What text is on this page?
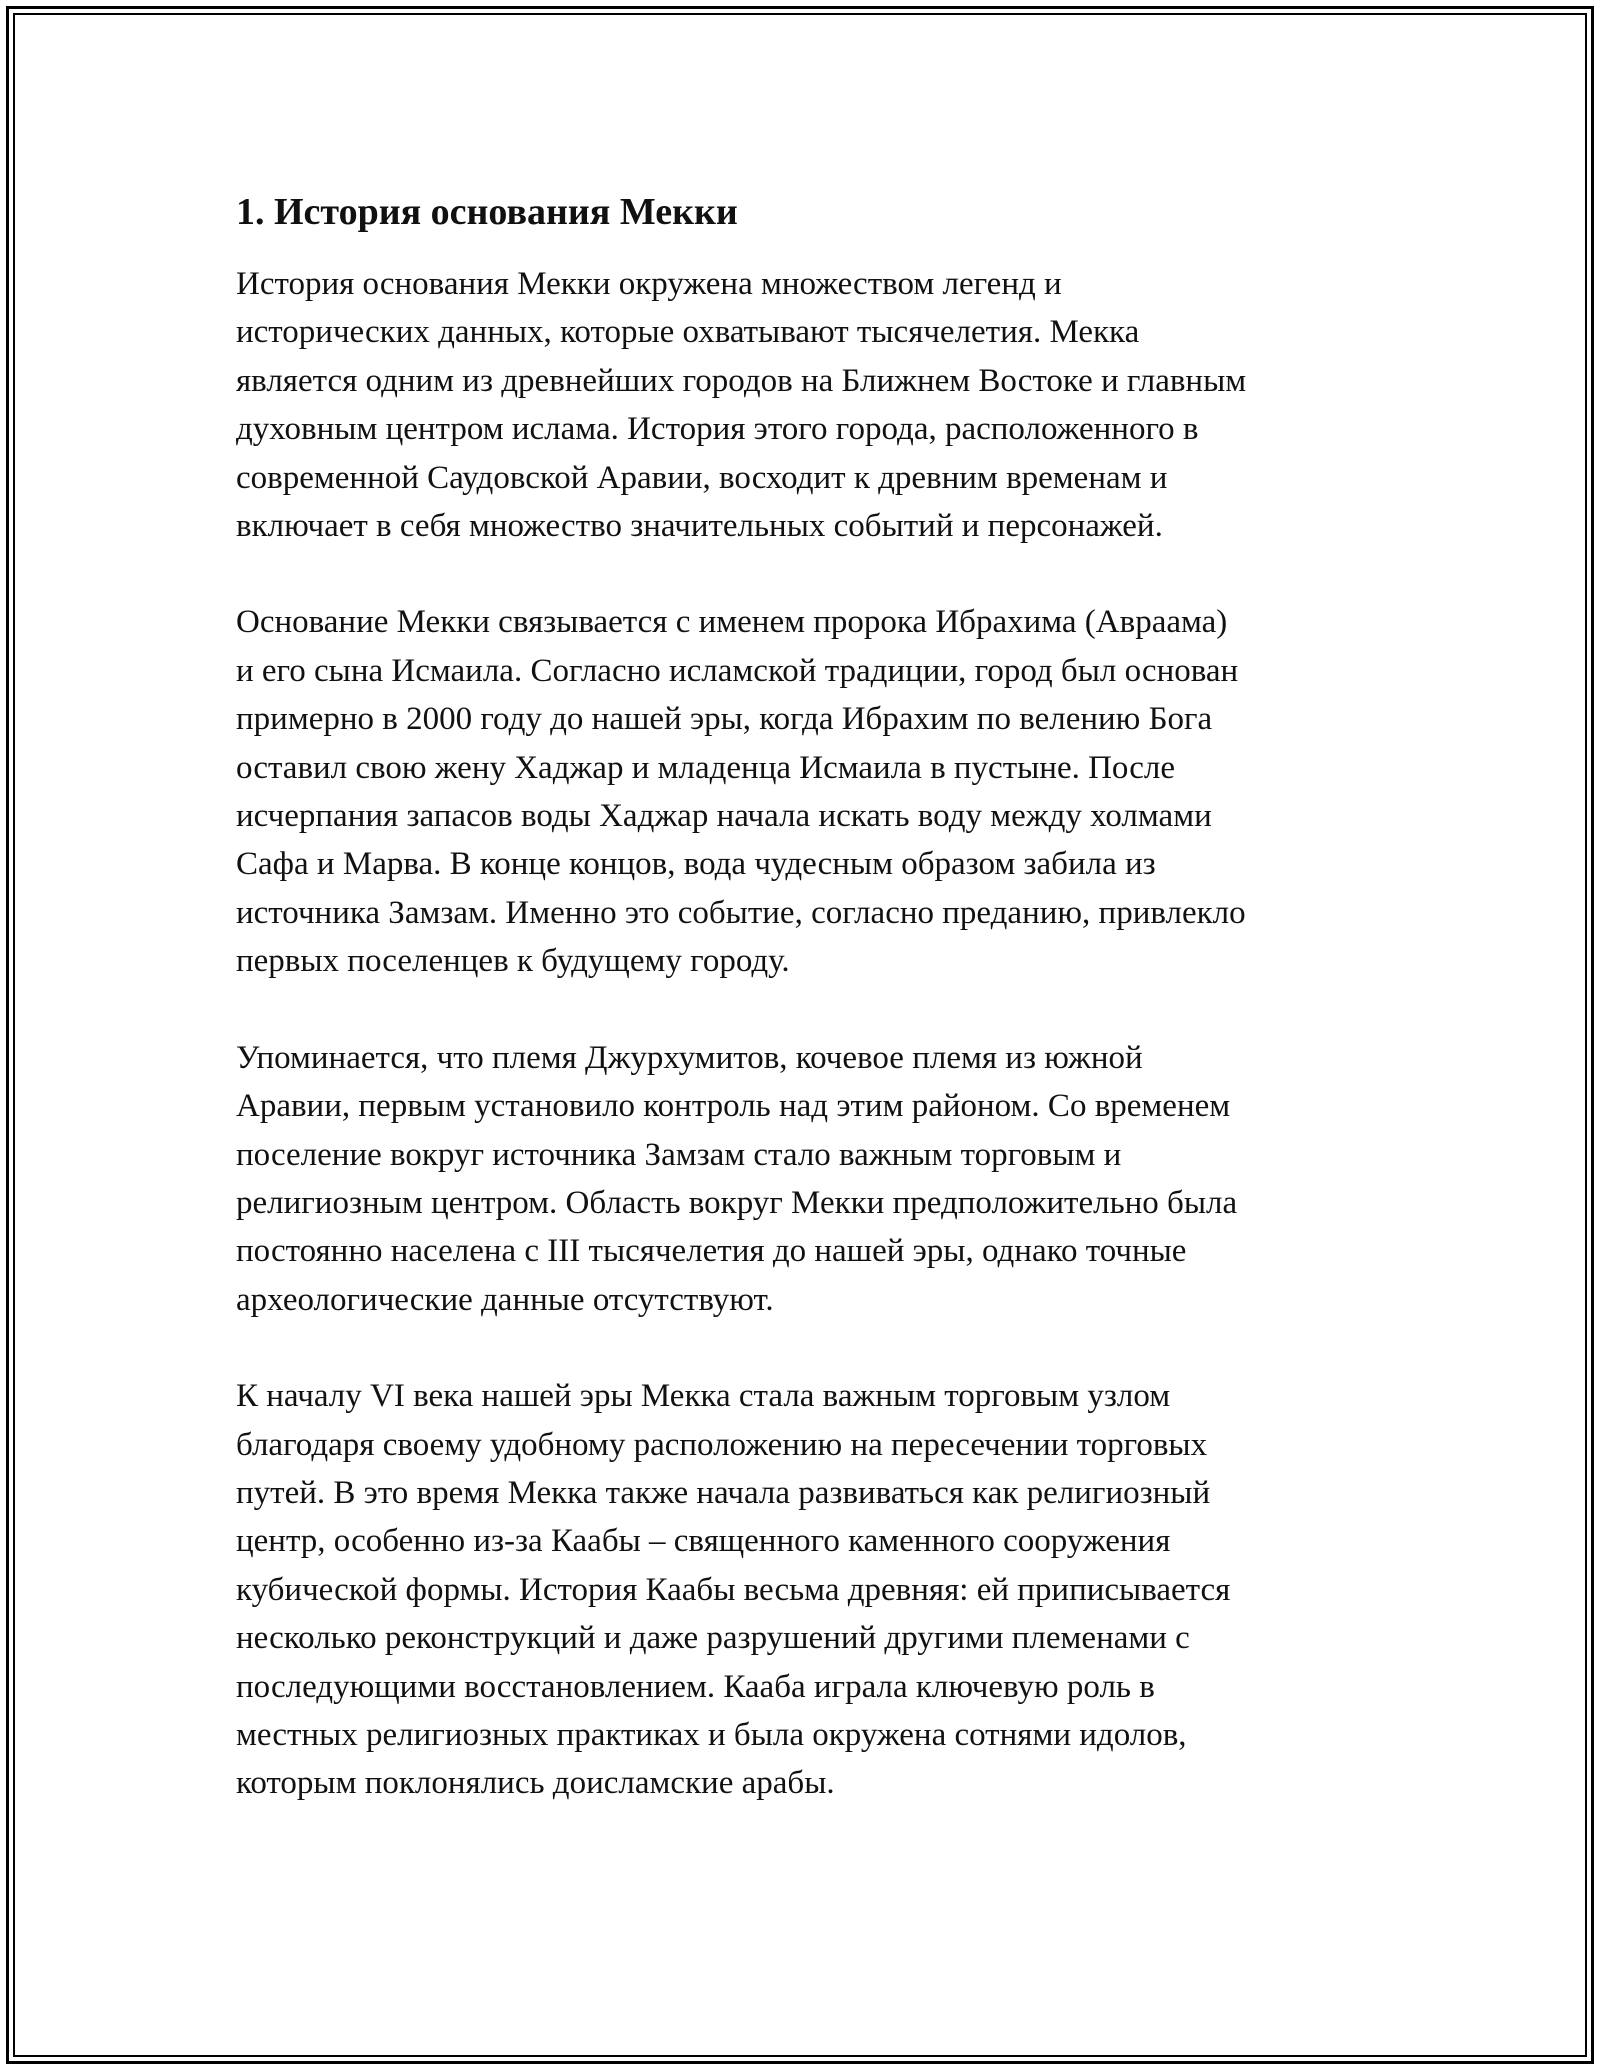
1. История основания Мекки

История основания Мекки окружена множеством легенд и
исторических данных, которые охватывают тысячелетия. Мекка
является одним из древнейших городов на Ближнем Востоке и главным
духовным центром ислама. История этого города, расположенного в
современной Саудовской Аравии, восходит к древним временам и
включает в себя множество значительных событий и персонажей.

Основание Мекки связывается с именем пророка Ибрахима (Авраама)
и его сына Исмаила. Согласно исламской традиции, город был основан
примерно в 2000 году до нашей эры, когда Ибрахим по велению Бога
оставил свою жену Хаджар и младенца Исмаила в пустыне. После
исчерпания запасов воды Хаджар начала искать воду между холмами
Сафа и Марва. В конце концов, вода чудесным образом забила из
источника Замзам. Именно это событие, согласно преданию, привлекло
первых поселенцев к будущему городу.

Упоминается, что племя Джурхумитов, кочевое племя из южной
Аравии, первым установило контроль над этим районом. Со временем
поселение вокруг источника Замзам стало важным торговым и
религиозным центром. Область вокруг Мекки предположительно была
постоянно населена с III тысячелетия до нашей эры, однако точные
археологические данные отсутствуют.

К началу VI века нашей эры Мекка стала важным торговым узлом
благодаря своему удобному расположению на пересечении торговых
путей. В это время Мекка также начала развиваться как религиозный
центр, особенно из-за Каабы – священного каменного сооружения
кубической формы. История Каабы весьма древняя: ей приписывается
несколько реконструкций и даже разрушений другими племенами с
последующими восстановлением. Кааба играла ключевую роль в
местных религиозных практиках и была окружена сотнями идолов,
которым поклонялись доисламские арабы.
